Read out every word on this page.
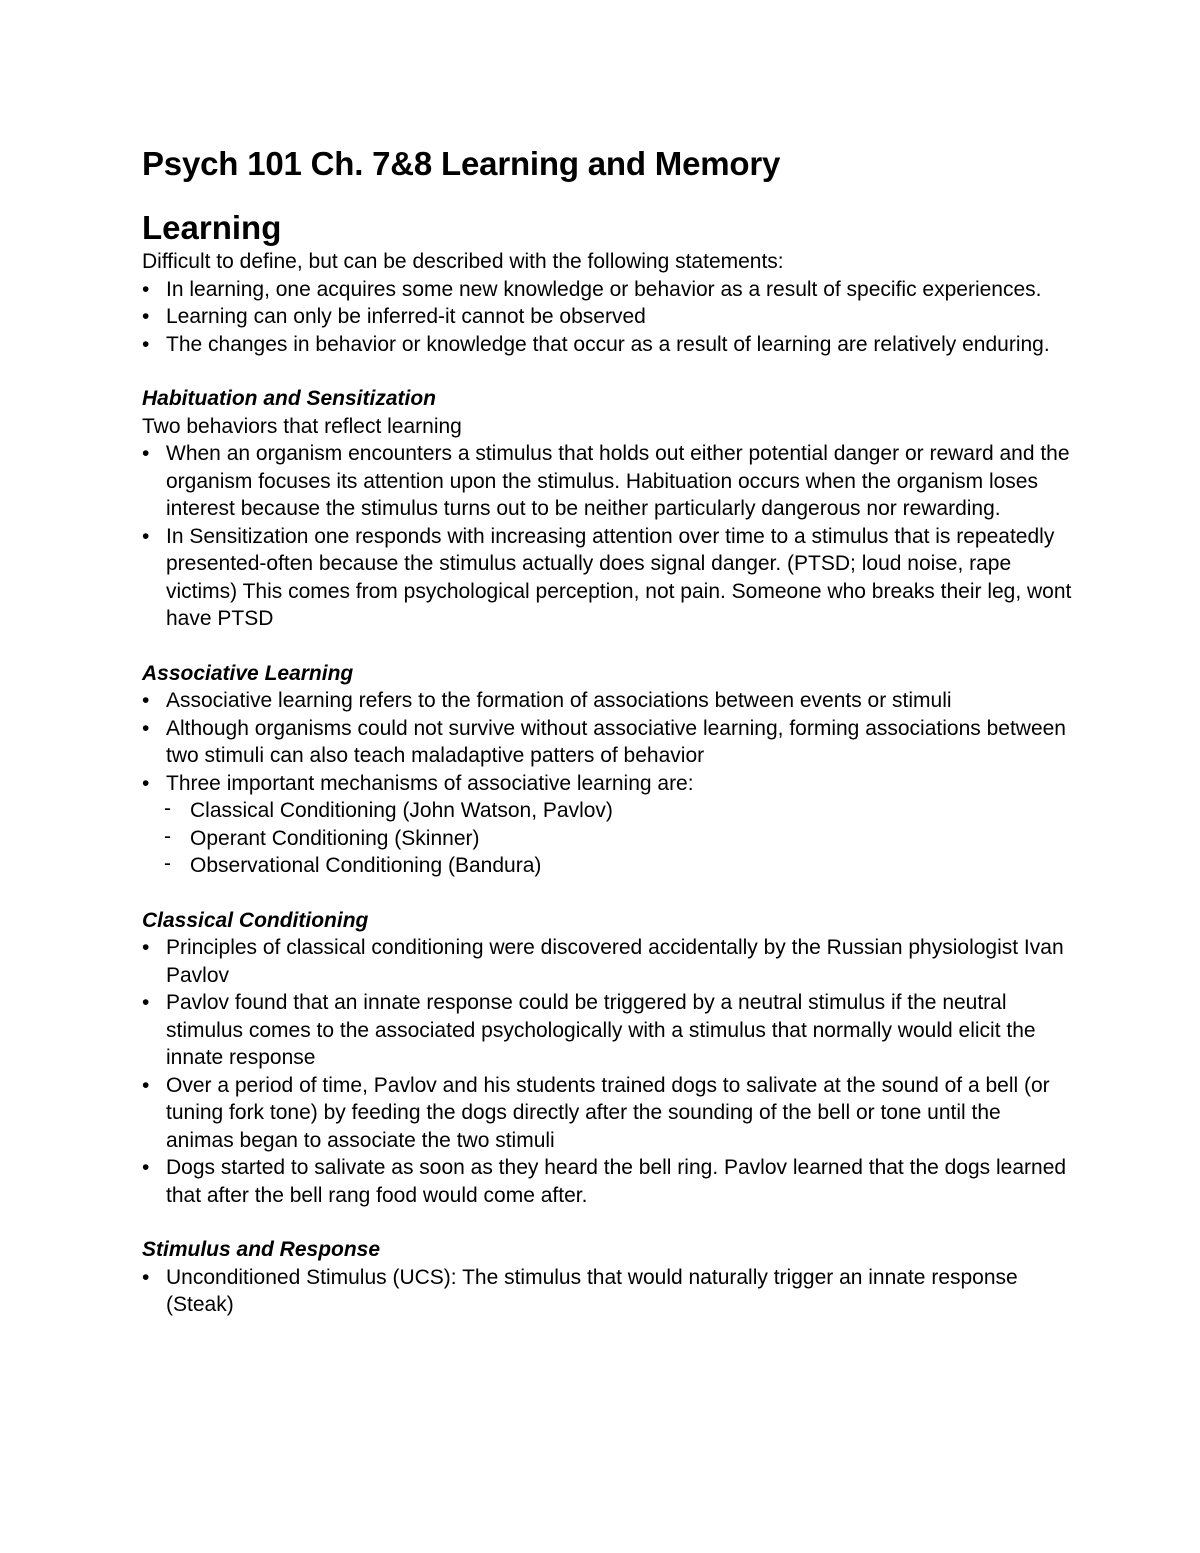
Psych 101 Ch. 7&8 Learning and Memory
Learning

Difficult to define, but can be described with the following statements:

• In learning, one acquires some new knowledge or behavior as a result of specific experiences.
• Learning can only be inferred-it cannot be observed
• The changes in behavior or knowledge that occur as a result of learning are relatively enduring.
Habituation and Sensitization

Two behaviors that reflect learning

• When an organism encounters a stimulus that holds out either potential danger or reward and the organism focuses its attention upon the stimulus. Habituation occurs when the organism loses interest because the stimulus turns out to be neither particularly dangerous nor rewarding.
• In Sensitization one responds with increasing attention over time to a stimulus that is repeatedly presented-often because the stimulus actually does signal danger. (PTSD; loud noise, rape victims) This comes from psychological perception, not pain. Someone who breaks their leg, wont have PTSD
Associative Learning
• Associative learning refers to the formation of associations between events or stimuli
• Although organisms could not survive without associative learning, forming associations between two stimuli can also teach maladaptive patters of behavior
• Three important mechanisms of associative learning are:
- Classical Conditioning (John Watson, Pavlov)
- Operant Conditioning (Skinner)
- Observational Conditioning (Bandura)
Classical Conditioning
• Principles of classical conditioning were discovered accidentally by the Russian physiologist Ivan Pavlov
• Pavlov found that an innate response could be triggered by a neutral stimulus if the neutral stimulus comes to the associated psychologically with a stimulus that normally would elicit the innate response
• Over a period of time, Pavlov and his students trained dogs to salivate at the sound of a bell (or tuning fork tone) by feeding the dogs directly after the sounding of the bell or tone until the animas began to associate the two stimuli
• Dogs started to salivate as soon as they heard the bell ring. Pavlov learned that the dogs learned that after the bell rang food would come after.
Stimulus and Response
• Unconditioned Stimulus (UCS): The stimulus that would naturally trigger an innate response (Steak)
